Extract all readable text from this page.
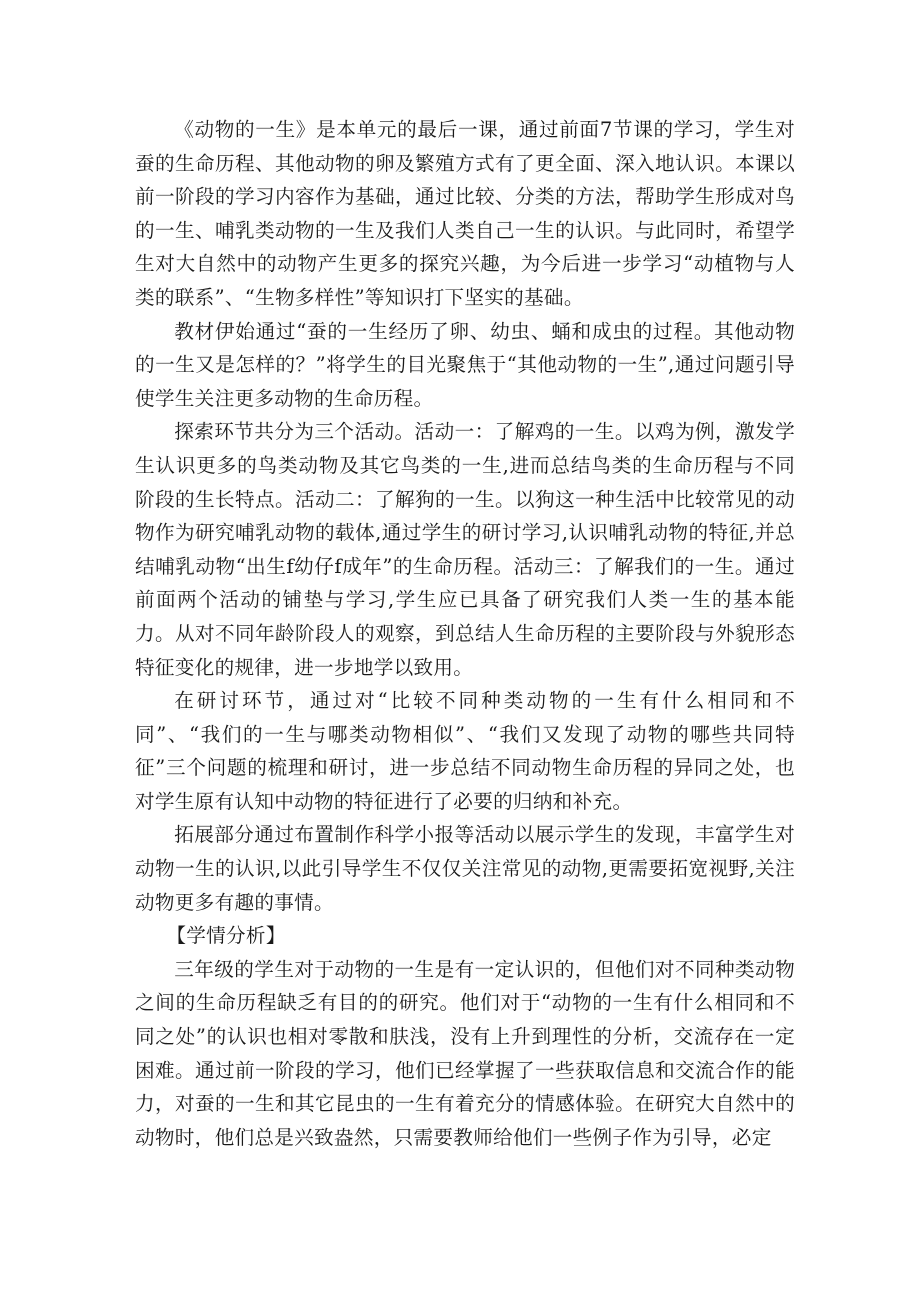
《动物的一生》是本单元的最后一课，通过前面7节课的学习，学生对蚕的生命历程、其他动物的卵及繁殖方式有了更全面、深入地认识。本课以前一阶段的学习内容作为基础，通过比较、分类的方法，帮助学生形成对鸟的一生、哺乳类动物的一生及我们人类自己一生的认识。与此同时，希望学生对大自然中的动物产生更多的探究兴趣，为今后进一步学习“动植物与人类的联系”、“生物多样性”等知识打下坚实的基础。

教材伊始通过“蚕的一生经历了卵、幼虫、蛹和成虫的过程。其他动物的一生又是怎样的？”将学生的目光聚焦于“其他动物的一生”,通过问题引导使学生关注更多动物的生命历程。

探索环节共分为三个活动。活动一：了解鸡的一生。以鸡为例，激发学生认识更多的鸟类动物及其它鸟类的一生,进而总结鸟类的生命历程与不同阶段的生长特点。活动二：了解狗的一生。以狗这一种生活中比较常见的动物作为研究哺乳动物的载体,通过学生的研讨学习,认识哺乳动物的特征,并总结哺乳动物“出生f幼仔f成年”的生命历程。活动三：了解我们的一生。通过前面两个活动的铺垫与学习,学生应已具备了研究我们人类一生的基本能力。从对不同年龄阶段人的观察，到总结人生命历程的主要阶段与外貌形态特征变化的规律，进一步地学以致用。

在研讨环节，通过对“比较不同种类动物的一生有什么相同和不同”、“我们的一生与哪类动物相似”、“我们又发现了动物的哪些共同特征”三个问题的梳理和研讨，进一步总结不同动物生命历程的异同之处，也对学生原有认知中动物的特征进行了必要的归纳和补充。

拓展部分通过布置制作科学小报等活动以展示学生的发现，丰富学生对动物一生的认识,以此引导学生不仅仅关注常见的动物,更需要拓宽视野,关注动物更多有趣的事情。

【学情分析】

三年级的学生对于动物的一生是有一定认识的，但他们对不同种类动物之间的生命历程缺乏有目的的研究。他们对于“动物的一生有什么相同和不同之处”的认识也相对零散和肤浅，没有上升到理性的分析，交流存在一定困难。通过前一阶段的学习，他们已经掌握了一些获取信息和交流合作的能力，对蚕的一生和其它昆虫的一生有着充分的情感体验。在研究大自然中的动物时，他们总是兴致盎然，只需要教师给他们一些例子作为引导，必定
